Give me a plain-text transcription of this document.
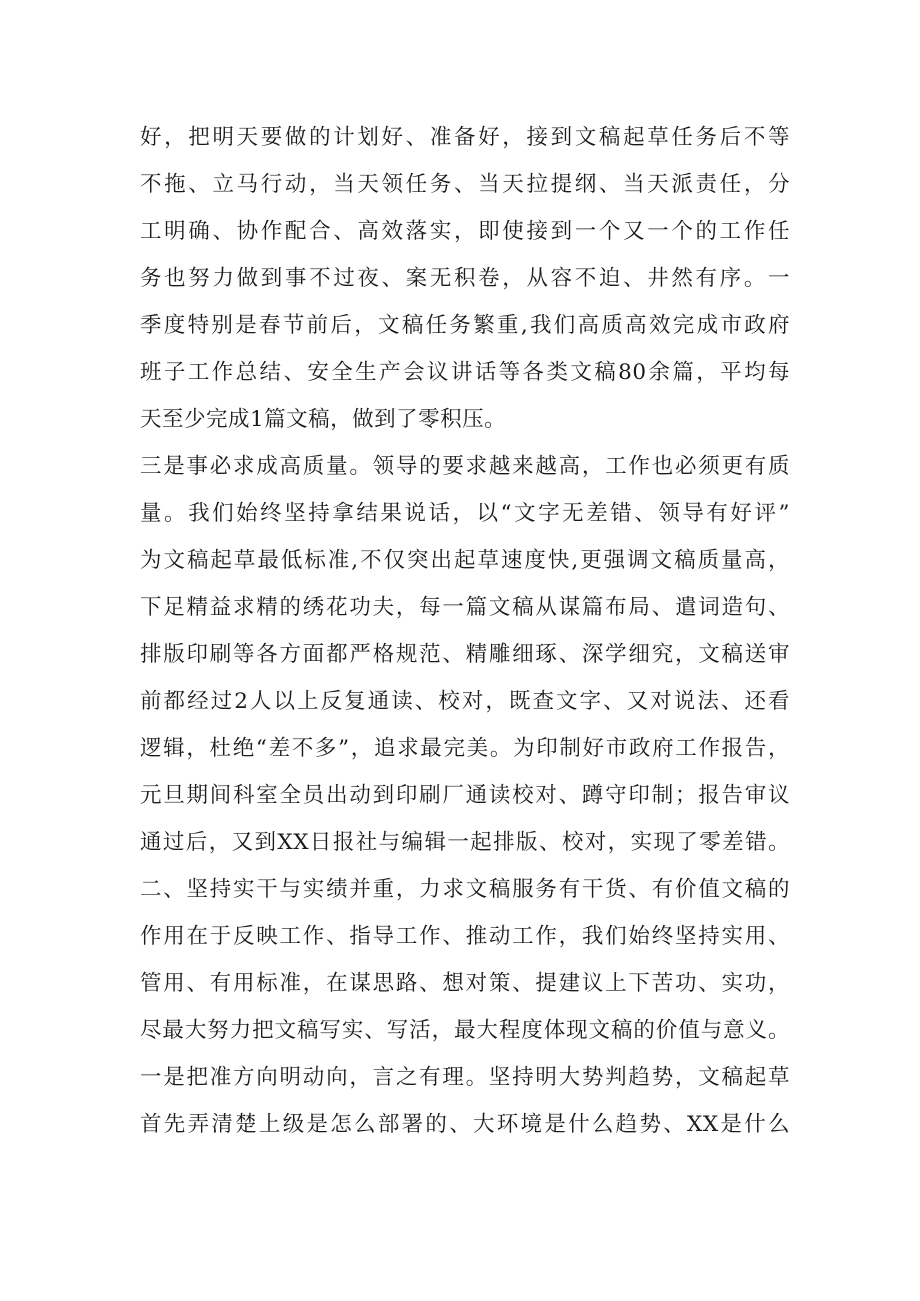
好，把明天要做的计划好、准备好，接到文稿起草任务后不等
不拖、立马行动，当天领任务、当天拉提纲、当天派责任，分
工明确、协作配合、高效落实，即使接到一个又一个的工作任
务也努力做到事不过夜、案无积卷，从容不迫、井然有序。一
季度特别是春节前后，文稿任务繁重,我们高质高效完成市政府
班子工作总结、安全生产会议讲话等各类文稿80余篇，平均每
天至少完成1篇文稿，做到了零积压。
三是事必求成高质量。领导的要求越来越高，工作也必须更有质
量。我们始终坚持拿结果说话，以“文字无差错、领导有好评”
为文稿起草最低标准,不仅突出起草速度快,更强调文稿质量高，
下足精益求精的绣花功夫，每一篇文稿从谋篇布局、遣词造句、
排版印刷等各方面都严格规范、精雕细琢、深学细究，文稿送审
前都经过2人以上反复通读、校对，既查文字、又对说法、还看
逻辑，杜绝“差不多”，追求最完美。为印制好市政府工作报告，
元旦期间科室全员出动到印刷厂通读校对、蹲守印制；报告审议
通过后，又到XX日报社与编辑一起排版、校对，实现了零差错。
二、坚持实干与实绩并重，力求文稿服务有干货、有价值文稿的
作用在于反映工作、指导工作、推动工作，我们始终坚持实用、
管用、有用标准，在谋思路、想对策、提建议上下苦功、实功，
尽最大努力把文稿写实、写活，最大程度体现文稿的价值与意义。
一是把准方向明动向，言之有理。坚持明大势判趋势，文稿起草
首先弄清楚上级是怎么部署的、大环境是什么趋势、XX是什么
